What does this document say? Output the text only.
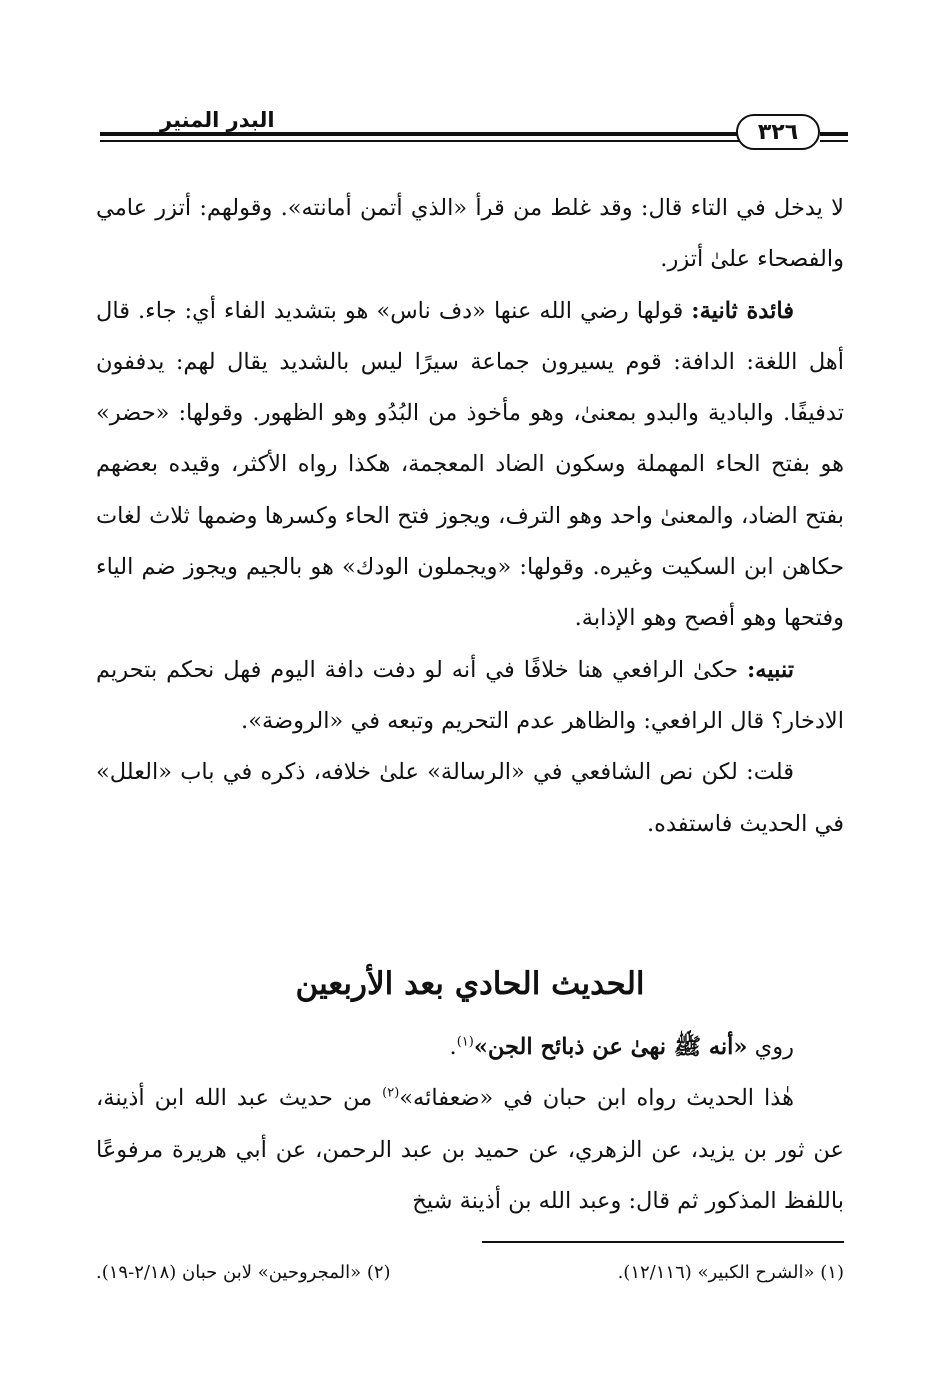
البدر المنير	٣٢٦

لا يدخل في التاء قال: وقد غلط من قرأ «الذي أتمن أمانته». وقولهم: أتزر عامي والفصحاء علىٰ أتزر.

فائدة ثانية: قولها رضي الله عنها «دف ناس» هو بتشديد الفاء أي: جاء. قال أهل اللغة: الدافة: قوم يسيرون جماعة سيرًا ليس بالشديد يقال لهم: يدففون تدفيفًا. والبادية والبدو بمعنىٰ، وهو مأخوذ من البُدُو وهو الظهور. وقولها: «حضر» هو بفتح الحاء المهملة وسكون الضاد المعجمة، هكذا رواه الأكثر، وقيده بعضهم بفتح الضاد، والمعنىٰ واحد وهو الترف، ويجوز فتح الحاء وكسرها وضمها ثلاث لغات حكاهن ابن السكيت وغيره. وقولها: «ويجملون الودك» هو بالجيم ويجوز ضم الياء وفتحها وهو أفصح وهو الإذابة.

تنبيه: حكىٰ الرافعي هنا خلافًا في أنه لو دفت دافة اليوم فهل نحكم بتحريم الادخار؟ قال الرافعي: والظاهر عدم التحريم وتبعه في «الروضة».

قلت: لكن نص الشافعي في «الرسالة» علىٰ خلافه، ذكره في باب «العلل» في الحديث فاستفده.

الحديث الحادي بعد الأربعين

روي «أنه ﷺ نهىٰ عن ذبائح الجن»$^{(١)}$.

هٰذا الحديث رواه ابن حبان في «ضعفائه»$^{(٢)}$ من حديث عبد الله ابن أذينة، عن ثور بن يزيد، عن الزهري، عن حميد بن عبد الرحمن، عن أبي هريرة مرفوعًا باللفظ المذكور ثم قال: وعبد الله بن أذينة شيخ

(١) «الشرح الكبير» (١٢/١١٦).
(٢) «المجروحين» لابن حبان (٢/١٨-١٩).
